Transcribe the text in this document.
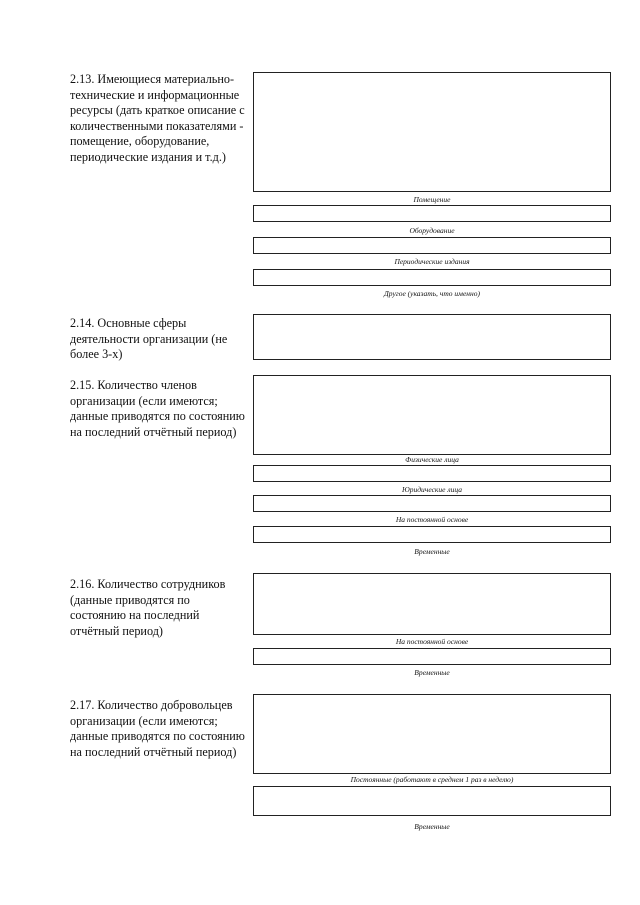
2.13. Имеющиеся материально-технические и информационные ресурсы (дать краткое описание с количественными показателями - помещение, оборудование, периодические издания и т.д.)
Помещение
Оборудование
Периодические издания
Другое (указать, что именно)
2.14. Основные сферы деятельности организации (не более 3-х)
2.15. Количество членов организации (если имеются; данные приводятся по состоянию на последний отчётный период)
Физические лица
Юридические лица
На постоянной основе
Временные
2.16. Количество сотрудников (данные приводятся по состоянию на последний отчётный период)
На постоянной основе
Временные
2.17. Количество добровольцев организации (если имеются; данные приводятся по состоянию на последний отчётный период)
Постоянные (работают в среднем 1 раз в неделю)
Временные
